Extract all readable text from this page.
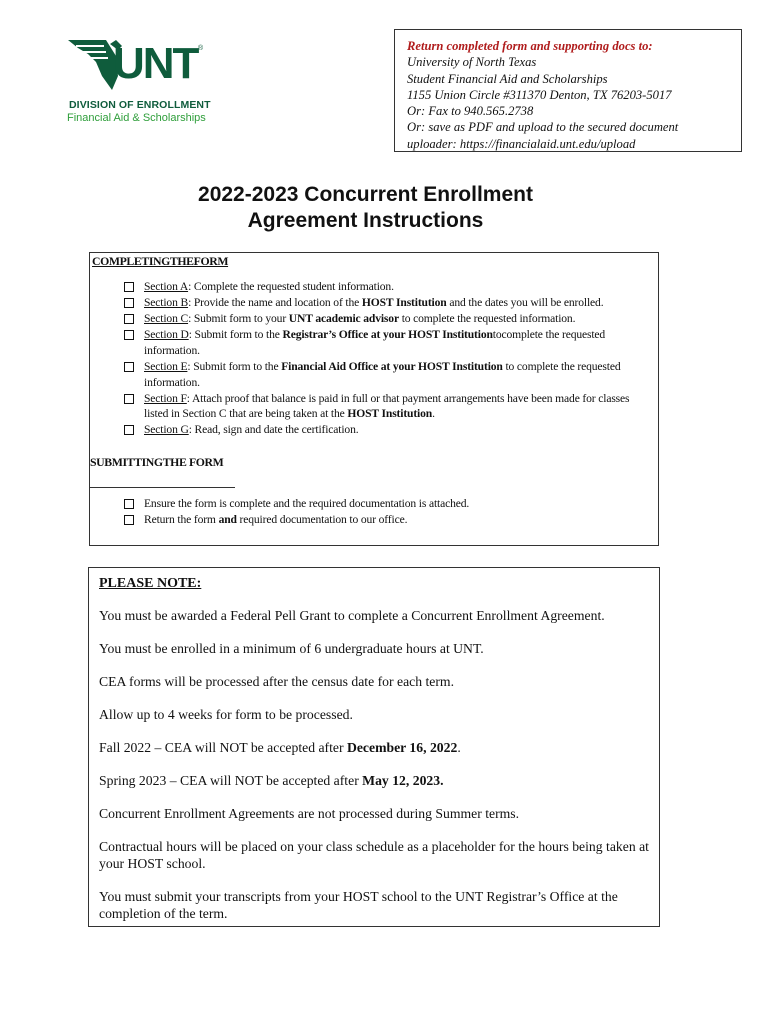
UNT ®
DIVISION OF ENROLLMENT
Financial Aid & Scholarships
Return completed form and supporting docs to:
University of North Texas
Student Financial Aid and Scholarships
1155 Union Circle #311370 Denton, TX 76203-5017
Or: Fax to 940.565.2738
Or: save as PDF and upload to the secured document
uploader: https://financialaid.unt.edu/upload
2022-2023 Concurrent Enrollment
Agreement Instructions
COMPLETINGTHEFORM
Section A: Complete the requested student information.
Section B: Provide the name and location of the HOST Institution and the dates you will be enrolled.
Section C: Submit form to your UNT academic advisor to complete the requested information.
Section D: Submit form to the Registrar’s Office at your HOST Institutiontocomplete the requested information.
Section E: Submit form to the Financial Aid Office at your HOST Institution to complete the requested information.
Section F: Attach proof that balance is paid in full or that payment arrangements have been made for classes listed in Section C that are being taken at the HOST Institution.
Section G: Read, sign and date the certification.
SUBMITTINGTHE FORM
Ensure the form is complete and the required documentation is attached.
Return the form and required documentation to our office.
PLEASE NOTE:

You must be awarded a Federal Pell Grant to complete a Concurrent Enrollment Agreement.

You must be enrolled in a minimum of 6 undergraduate hours at UNT.

CEA forms will be processed after the census date for each term.

Allow up to 4 weeks for form to be processed.

Fall 2022 – CEA will NOT be accepted after December 16, 2022.

Spring 2023 – CEA will NOT be accepted after May 12, 2023.

Concurrent Enrollment Agreements are not processed during Summer terms.

Contractual hours will be placed on your class schedule as a placeholder for the hours being taken at your HOST school.

You must submit your transcripts from your HOST school to the UNT Registrar’s Office at the completion of the term.
